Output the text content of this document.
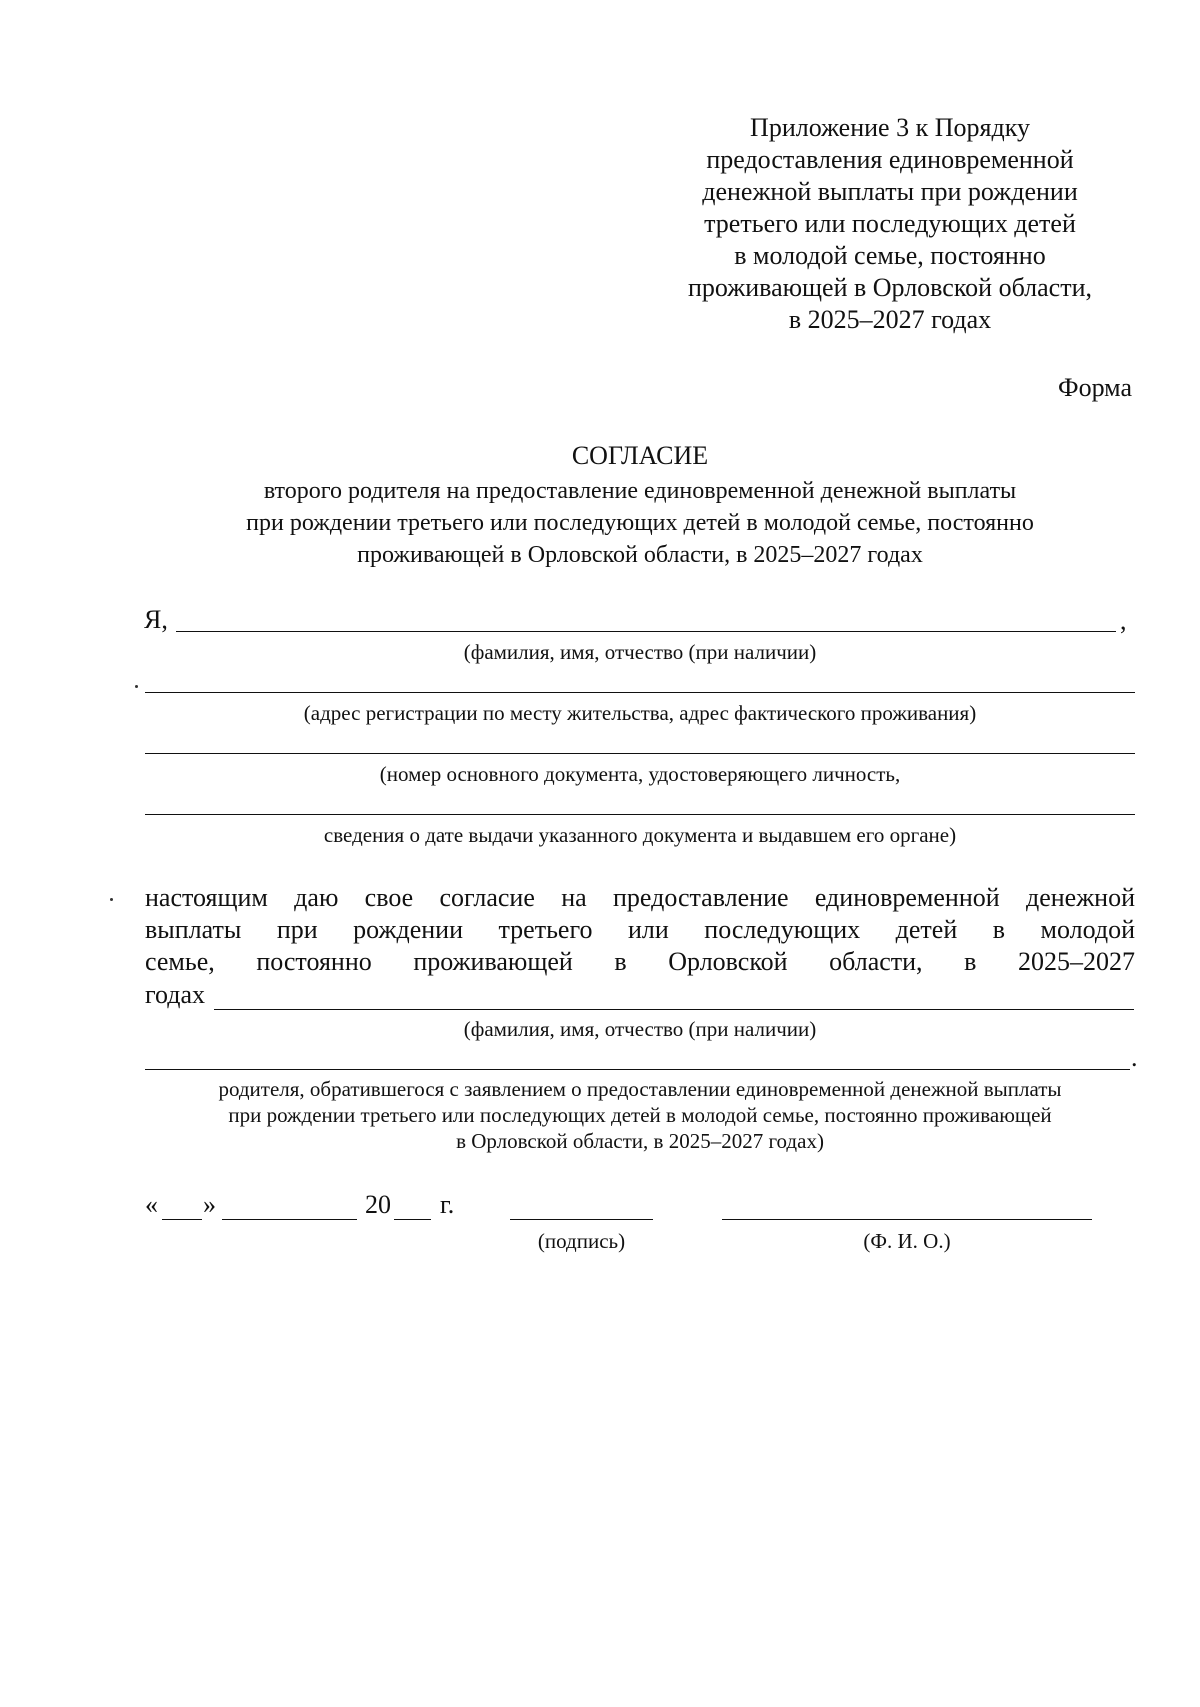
Приложение 3 к Порядку
предоставления единовременной
денежной выплаты при рождении
третьего или последующих детей
в молодой семье, постоянно
проживающей в Орловской области,
в 2025–2027 годах
Форма
СОГЛАСИЕ
второго родителя на предоставление единовременной денежной выплаты
при рождении третьего или последующих детей в молодой семье, постоянно
проживающей в Орловской области, в 2025–2027 годах
Я,	,
(фамилия, имя, отчество (при наличии)
(адрес регистрации по месту жительства, адрес фактического проживания)
(номер основного документа, удостоверяющего личность,
сведения о дате выдачи указанного документа и выдавшем его органе)
настоящим даю свое согласие на предоставление единовременной денежной
выплаты при рождении третьего или последующих детей в молодой
семье, постоянно проживающей в Орловской области, в 2025–2027
годах
(фамилия, имя, отчество (при наличии)
.
родителя, обратившегося с заявлением о предоставлении единовременной денежной выплаты
при рождении третьего или последующих детей в молодой семье, постоянно проживающей
в Орловской области, в 2025–2027 годах)
« »	20 г.
(подпись)	(Ф. И. О.)
